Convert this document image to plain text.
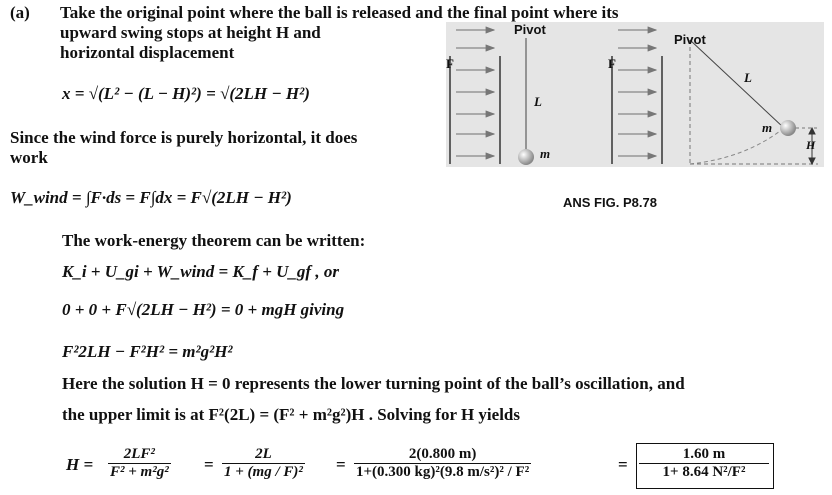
(a) Take the original point where the ball is released and the final point where its
upward swing stops at height H and
horizontal displacement
x = √(L² − (L − H)²) = √(2LH − H²)
Since the wind force is purely horizontal, it does
work
W_wind = ∫F·ds = F∫dx = F√(2LH − H²)
The work-energy theorem can be written:
K_i + U_gi + W_wind = K_f + U_gf , or
0 + 0 + F√(2LH − H²) = 0 + mgH giving
F²2LH − F²H² = m²g²H²
Here the solution H = 0 represents the lower turning point of the ball’s oscillation, and
the upper limit is at F²(2L) = (F² + m²g²)H . Solving for H yields
$H = \frac{\text{2LF²}}{\text{F² + m²g²}} = \frac{2L}{\text{1 + (mg / F)²}} = \frac{2(0.800 m)}{\text{1+(0.300 kg)²(9.8 m/s²)² / F²}}$	= $\frac{1.60 m}{\text{1+ 8.64 N²/F²}}$
Pivot
Pivot
F	F
L
L
m
m
H
ANS FIG. P8.78
